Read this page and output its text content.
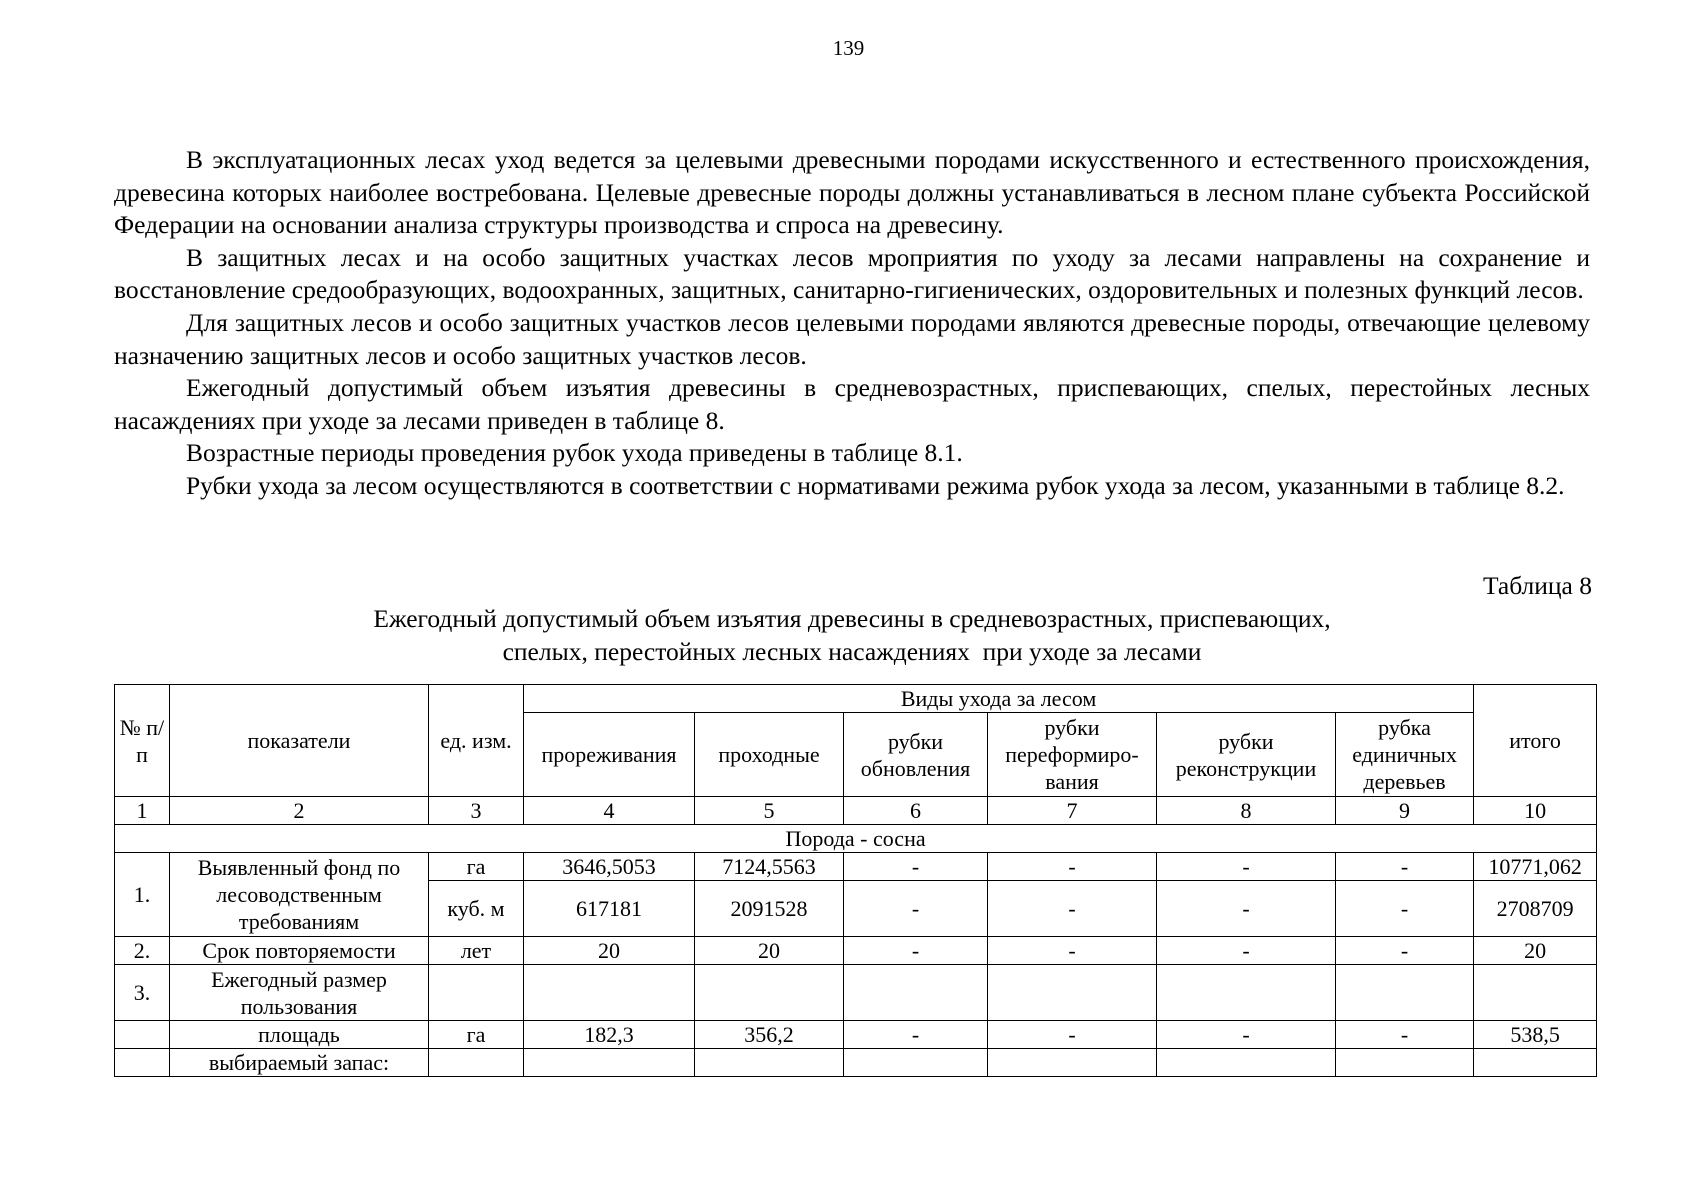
139

В эксплуатационных лесах уход ведется за целевыми древесными породами искусственного и естественного происхождения, древесина которых наиболее востребована. Целевые древесные породы должны устанавливаться в лесном плане субъекта Российской Федерации на основании анализа структуры производства и спроса на древесину.

В защитных лесах и на особо защитных участках лесов мроприятия по уходу за лесами направлены на сохранение и восстановление средообразующих, водоохранных, защитных, санитарно-гигиенических, оздоровительных и полезных функций лесов.

Для защитных лесов и особо защитных участков лесов целевыми породами являются древесные породы, отвечающие целевому назначению защитных лесов и особо защитных участков лесов.

Ежегодный допустимый объем изъятия древесины в средневозрастных, приспевающих, спелых, перестойных лесных насаждениях при уходе за лесами приведен в таблице 8.

Возрастные периоды проведения рубок ухода приведены в таблице 8.1.

Рубки ухода за лесом осуществляются в соответствии с нормативами режима рубок ухода за лесом, указанными в таблице 8.2.

Таблица 8
Ежегодный допустимый объем изъятия древесины в средневозрастных, приспевающих,
спелых, перестойных лесных насаждениях  при уходе за лесами
№ п/п	показатели	ед. изм.	Виды ухода за лесом						итого
			прореживания	проходные	рубки обновления	рубки переформиро-вания	рубки реконструкции	рубка единичных деревьев	
1	2	3	4	5	6	7	8	9	10
Порода - сосна									
1.	Выявленный фонд по лесоводственным требованиям	га	3646,5053	7124,5563	-	-	-	-	10771,062
		куб. м	617181	2091528	-	-	-	-	2708709
2.	Срок повторяемости	лет	20	20	-	-	-	-	20
3.	Ежегодный размер пользования								
	площадь	га	182,3	356,2	-	-	-	-	538,5
	выбираемый запас:								
